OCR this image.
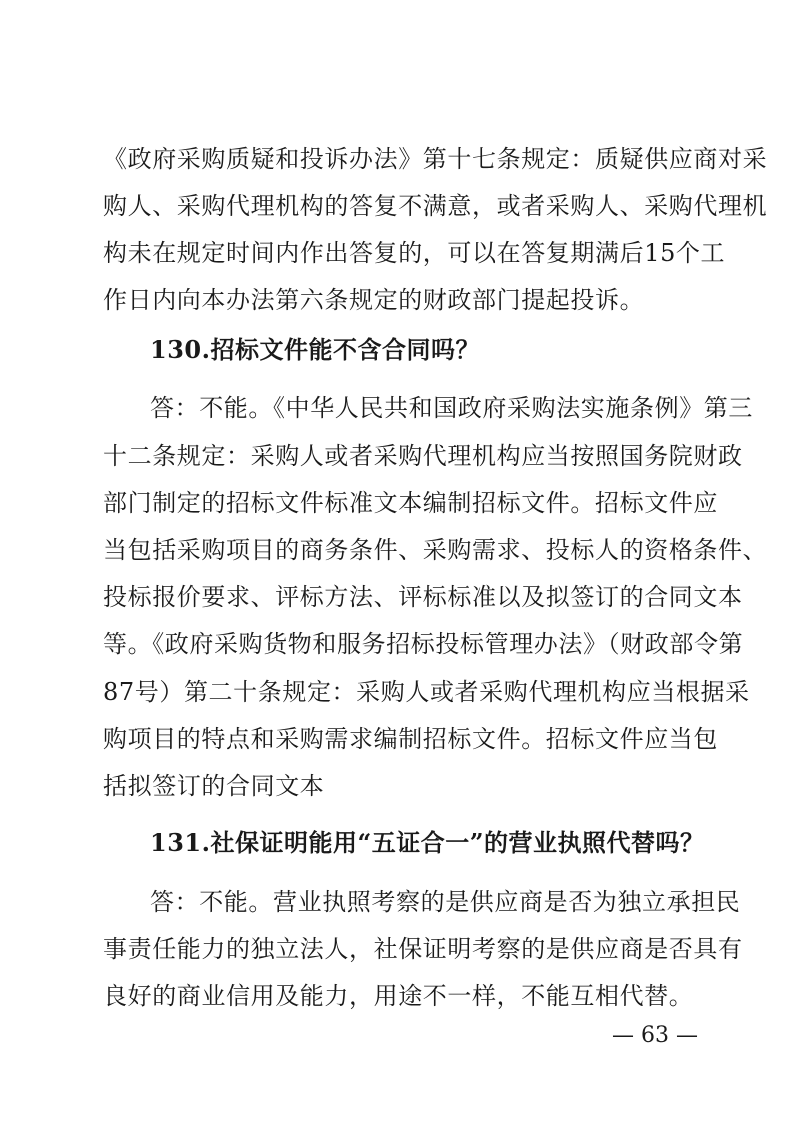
《政府采购质疑和投诉办法》第十七条规定：质疑供应商对采
购人、采购代理机构的答复不满意，或者采购人、采购代理机
构未在规定时间内作出答复的，可以在答复期满后15个工
作日内向本办法第六条规定的财政部门提起投诉。
130.招标文件能不含合同吗？
答：不能。《中华人民共和国政府采购法实施条例》第三
十二条规定：采购人或者采购代理机构应当按照国务院财政
部门制定的招标文件标准文本编制招标文件。招标文件应
当包括采购项目的商务条件、采购需求、投标人的资格条件、
投标报价要求、评标方法、评标标准以及拟签订的合同文本
等。《政府采购货物和服务招标投标管理办法》（财政部令第
87号）第二十条规定：采购人或者采购代理机构应当根据采
购项目的特点和采购需求编制招标文件。招标文件应当包
括拟签订的合同文本
131.社保证明能用“五证合一”的营业执照代替吗？
答：不能。营业执照考察的是供应商是否为独立承担民
事责任能力的独立法人，社保证明考察的是供应商是否具有
良好的商业信用及能力，用途不一样，不能互相代替。
— 63 —
